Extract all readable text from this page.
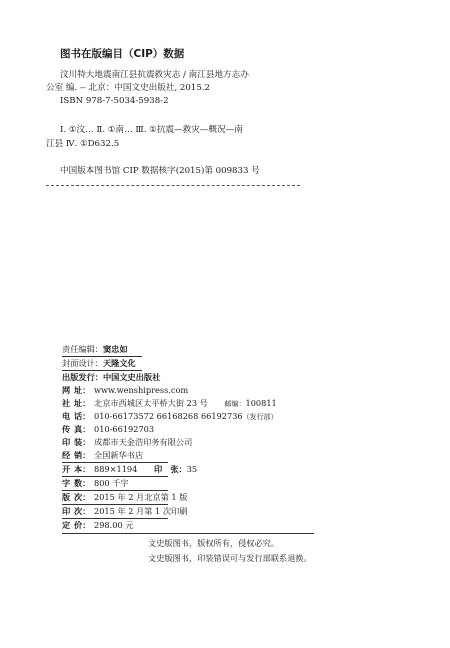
图书在版编目（CIP）数据
汶川特大地震南江县抗震救灾志 / 南江县地方志办
公室 编. -- 北京：中国文史出版社, 2015.2
ISBN 978-7-5034-5938-2
Ⅰ. ①汶… Ⅱ. ①南… Ⅲ. ①抗震—救灾—概况—南
江县 Ⅳ. ①D632.5
中国版本图书馆 CIP 数据核字(2015)第 009833 号
责任编辑：窦忠如
封面设计：天隆文化
出版发行：中国文史出版社
网 址： www.wenshipress.com
社 址： 北京市西城区太平桥大街 23 号 邮编：100811
电 话： 010-66173572 66168268 66192736（发行部）
传 真： 010-66192703
印 装： 成都市天金浩印务有限公司
经 销： 全国新华书店
开 本： 889×1194 印　张：35
字 数： 800 千字
版 次： 2015 年 2 月北京第 1 版
印 次： 2015 年 2 月第 1 次印刷
定 价： 298.00 元
文史版图书，版权所有，侵权必究。
文史版图书，印装错误可与发行部联系退换。
